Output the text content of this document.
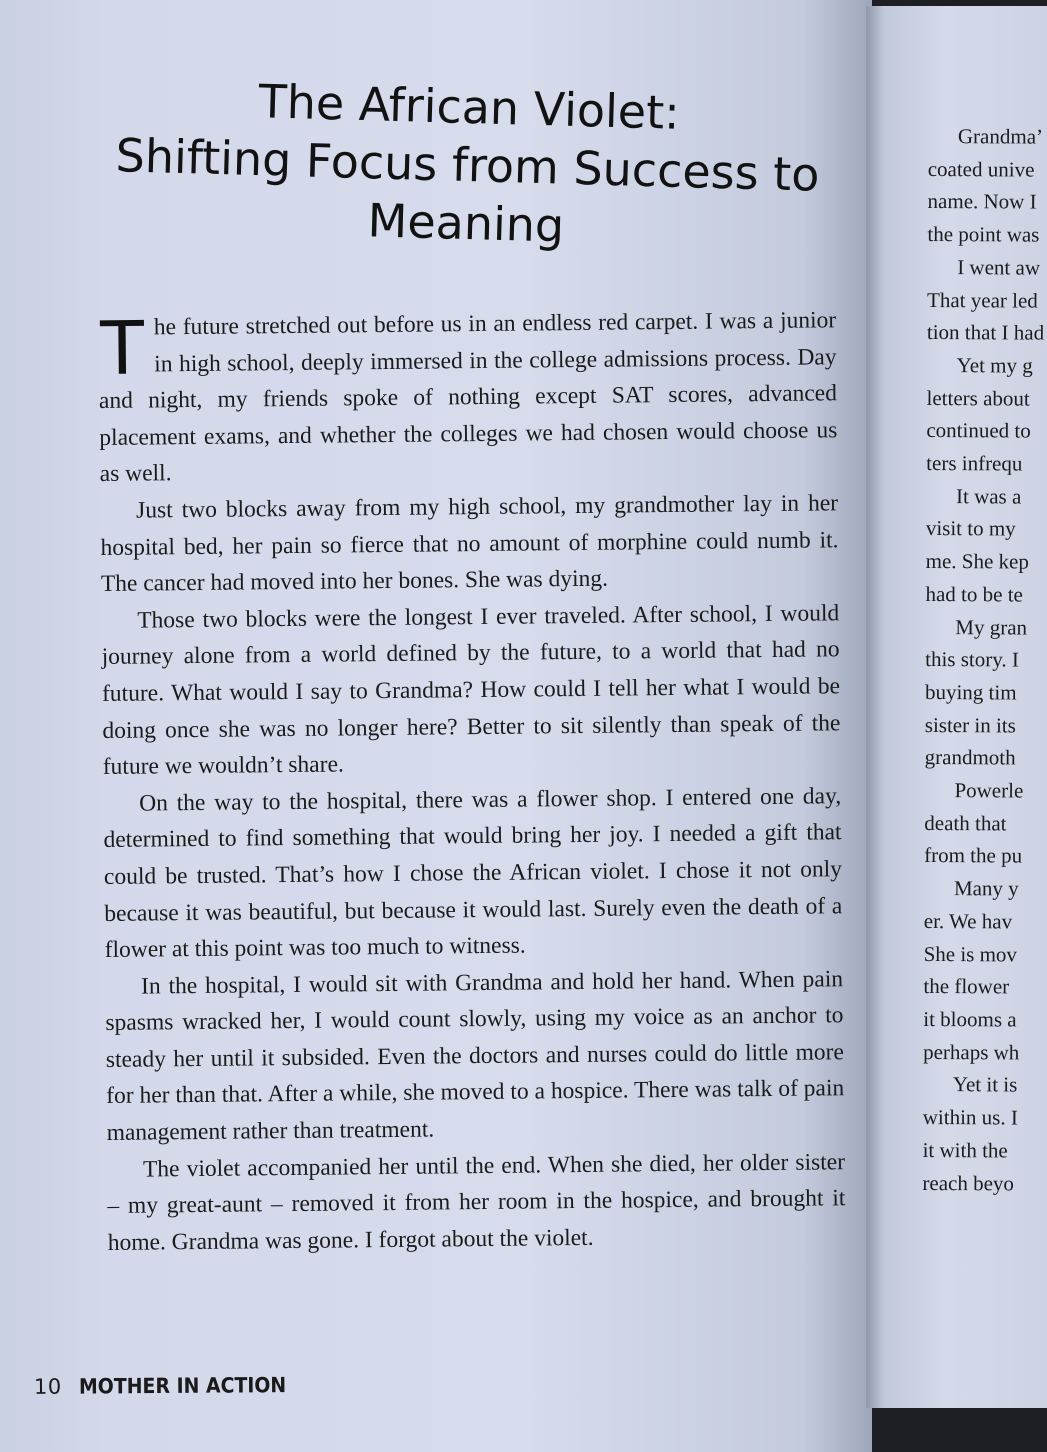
The African Violet:
Shifting Focus from Success to
Meaning

The future stretched out before us in an endless red carpet. I was a junior in high school, deeply immersed in the college admissions process. Day and night, my friends spoke of nothing except SAT scores, advanced placement exams, and whether the colleges we had chosen would choose us as well.

Just two blocks away from my high school, my grandmother lay in her hospital bed, her pain so fierce that no amount of morphine could numb it. The cancer had moved into her bones. She was dying.

Those two blocks were the longest I ever traveled. After school, I would journey alone from a world defined by the future, to a world that had no future. What would I say to Grandma? How could I tell her what I would be doing once she was no longer here? Better to sit silently than speak of the future we wouldn’t share.

On the way to the hospital, there was a flower shop. I entered one day, determined to find something that would bring her joy. I needed a gift that could be trusted. That’s how I chose the African violet. I chose it not only because it was beautiful, but because it would last. Surely even the death of a flower at this point was too much to witness.

In the hospital, I would sit with Grandma and hold her hand. When pain spasms wracked her, I would count slowly, using my voice as an anchor to steady her until it subsided. Even the doctors and nurses could do little more for her than that. After a while, she moved to a hospice. There was talk of pain management rather than treatment.

The violet accompanied her until the end. When she died, her older sister – my great-aunt – removed it from her room in the hospice, and brought it home. Grandma was gone. I forgot about the violet.

10 MOTHER IN ACTION
Grandma’
coated unive
name. Now I
the point was
I went aw
That year led
tion that I had
Yet my g
letters about
continued to
ters infrequ
It was a
visit to my
me. She kep
had to be te
My gran
this story. I
buying tim
sister in its
grandmoth
Powerle
death that
from the pu
Many y
er. We hav
She is mov
the flower
it blooms a
perhaps wh
Yet it is
within us. I
it with the
reach beyo
